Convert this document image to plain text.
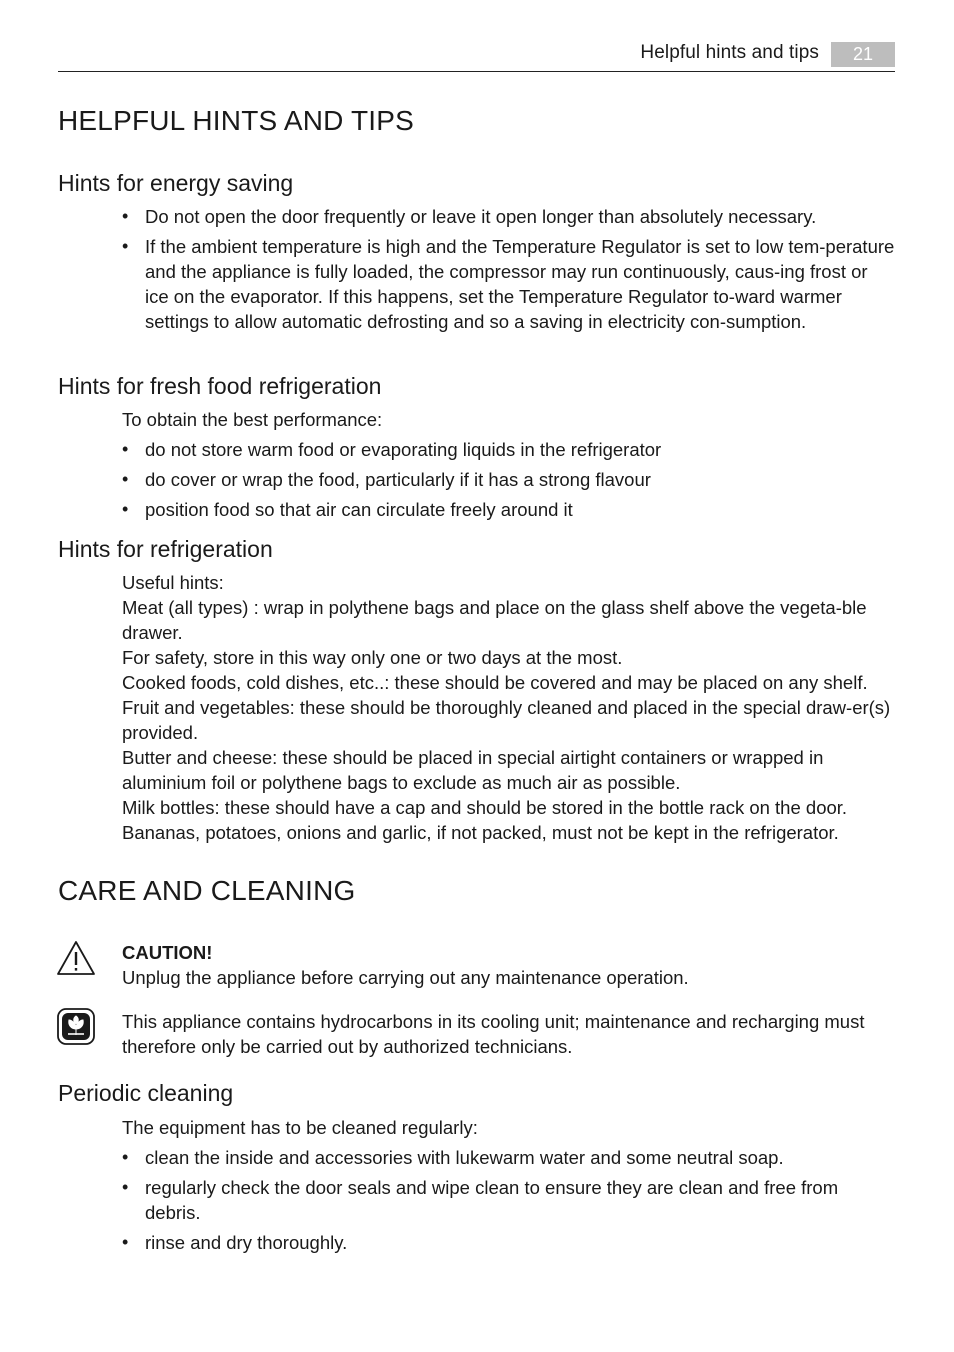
Helpful hints and tips	21
HELPFUL HINTS AND TIPS
Hints for energy saving
• Do not open the door frequently or leave it open longer than absolutely necessary.
• If the ambient temperature is high and the Temperature Regulator is set to low tem-perature and the appliance is fully loaded, the compressor may run continuously, caus-ing frost or ice on the evaporator. If this happens, set the Temperature Regulator to-ward warmer settings to allow automatic defrosting and so a saving in electricity con-sumption.
Hints for fresh food refrigeration

To obtain the best performance:

• do not store warm food or evaporating liquids in the refrigerator
• do cover or wrap the food, particularly if it has a strong flavour
• position food so that air can circulate freely around it
Hints for refrigeration

Useful hints:

Meat (all types) : wrap in polythene bags and place on the glass shelf above the vegeta-ble drawer.

For safety, store in this way only one or two days at the most.

Cooked foods, cold dishes, etc..: these should be covered and may be placed on any shelf.

Fruit and vegetables: these should be thoroughly cleaned and placed in the special draw-er(s) provided.

Butter and cheese: these should be placed in special airtight containers or wrapped in aluminium foil or polythene bags to exclude as much air as possible.

Milk bottles: these should have a cap and should be stored in the bottle rack on the door.

Bananas, potatoes, onions and garlic, if not packed, must not be kept in the refrigerator.

CARE AND CLEANING

CAUTION!

Unplug the appliance before carrying out any maintenance operation.

This appliance contains hydrocarbons in its cooling unit; maintenance and recharging must therefore only be carried out by authorized technicians.

Periodic cleaning

The equipment has to be cleaned regularly:

• clean the inside and accessories with lukewarm water and some neutral soap.
• regularly check the door seals and wipe clean to ensure they are clean and free from debris.
• rinse and dry thoroughly.
